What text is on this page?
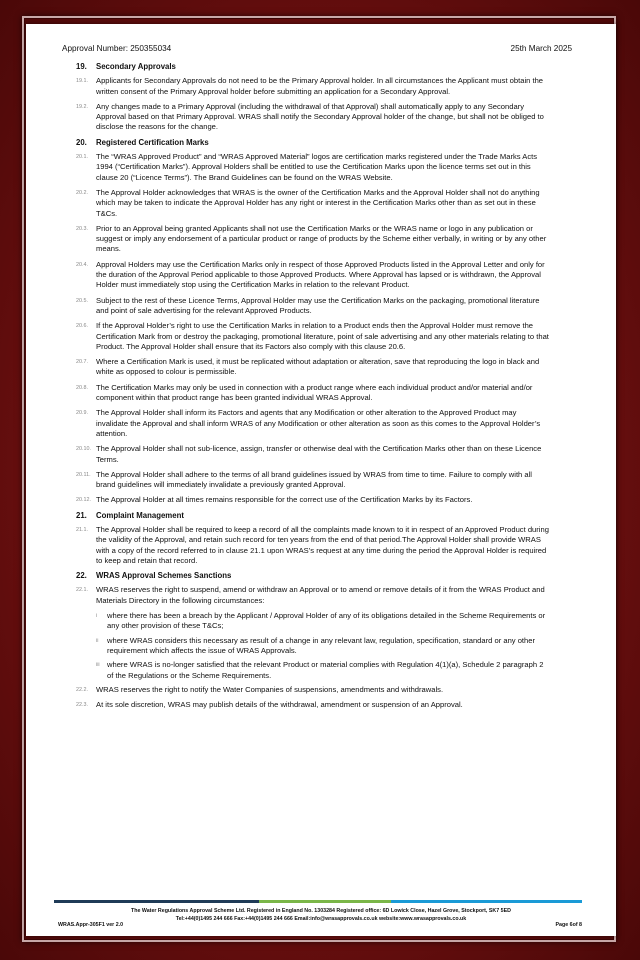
Approval Number: 250355034	25th March 2025
19.	Secondary Approvals
19.1.	Applicants for Secondary Approvals do not need to be the Primary Approval holder. In all circumstances the Applicant must obtain the written consent of the Primary Approval holder before submitting an application for a Secondary Approval.
19.2.	Any changes made to a Primary Approval (including the withdrawal of that Approval) shall automatically apply to any Secondary Approval based on that Primary Approval. WRAS shall notify the Secondary Approval holder of the change, but shall not be obliged to disclose the reasons for the change.
20.	Registered Certification Marks
20.1.	The “WRAS Approved Product” and “WRAS Approved Material” logos are certification marks registered under the Trade Marks Acts 1994 (“Certification Marks”). Approval Holders shall be entitled to use the Certification Marks upon the licence terms set out in this clause 20 (“Licence Terms”). The Brand Guidelines can be found on the WRAS Website.
20.2.	The Approval Holder acknowledges that WRAS is the owner of the Certification Marks and the Approval Holder shall not do anything which may be taken to indicate the Approval Holder has any right or interest in the Certification Marks other than as set out in these T&Cs.
20.3.	Prior to an Approval being granted Applicants shall not use the Certification Marks or the WRAS name or logo in any publication or suggest or imply any endorsement of a particular product or range of products by the Scheme either verbally, in writing or by any other means.
20.4.	Approval Holders may use the Certification Marks only in respect of those Approved Products listed in the Approval Letter and only for the duration of the Approval Period applicable to those Approved Products. Where Approval has lapsed or is withdrawn, the Approval Holder must immediately stop using the Certification Marks in relation to the relevant Product.
20.5.	Subject to the rest of these Licence Terms, Approval Holder may use the Certification Marks on the packaging, promotional literature and point of sale advertising for the relevant Approved Products.
20.6.	If the Approval Holder’s right to use the Certification Marks in relation to a Product ends then the Approval Holder must remove the Certification Mark from or destroy the packaging, promotional literature, point of sale advertising and any other materials relating to that Product. The Approval Holder shall ensure that its Factors also comply with this clause 20.6.
20.7.	Where a Certification Mark is used, it must be replicated without adaptation or alteration, save that reproducing the logo in black and white as opposed to colour is permissible.
20.8.	The Certification Marks may only be used in connection with a product range where each individual product and/or material and/or component within that product range has been granted individual WRAS Approval.
20.9.	The Approval Holder shall inform its Factors and agents that any Modification or other alteration to the Approved Product may invalidate the Approval and shall inform WRAS of any Modification or other alteration as soon as this comes to the Approval Holder’s attention.
20.10. The Approval Holder shall not sub-licence, assign, transfer or otherwise deal with the Certification Marks other than on these Licence Terms.
20.11. The Approval Holder shall adhere to the terms of all brand guidelines issued by WRAS from time to time. Failure to comply with all brand guidelines will immediately invalidate a previously granted Approval.
20.12. The Approval Holder at all times remains responsible for the correct use of the Certification Marks by its Factors.
21.	Complaint Management
21.1.	The Approval Holder shall be required to keep a record of all the complaints made known to it in respect of an Approved Product during the validity of the Approval, and retain such record for ten years from the end of that period.The Approval Holder shall provide WRAS with a copy of the record referred to in clause 21.1 upon WRAS’s request at any time during the period the Approval Holder is required to keep and retain that record.
22.	WRAS Approval Schemes Sanctions
22.1.	WRAS reserves the right to suspend, amend or withdraw an Approval or to amend or remove details of it from the WRAS Product and Materials Directory in the following circumstances:
i	where there has been a breach by the Applicant / Approval Holder of any of its obligations detailed in the Scheme Requirements or any other provision of these T&Cs;
ii	where WRAS considers this necessary as result of a change in any relevant law, regulation, specification, standard or any other requirement which affects the issue of WRAS Approvals.
iii where WRAS is no-longer satisfied that the relevant Product or material complies with Regulation 4(1)(a), Schedule 2 paragraph 2 of the Regulations or the Scheme Requirements.
22.2.	WRAS reserves the right to notify the Water Companies of suspensions, amendments and withdrawals.
22.3.	At its sole discretion, WRAS may publish details of the withdrawal, amendment or suspension of an Approval.
The Water Regulations Approval Scheme Ltd. Registered in England No. 1303284 Registered office: 6D Lowick Close, Hazel Grove, Stockport, SK7 5ED
Tel:+44(0)1495 244 666 Fax:+44(0)1495 244 666 Email:info@wrasapprovals.co.uk website:www.wrasapprovals.co.uk
WRAS.Appr-305F1 ver 2.0	Page 6of 8
